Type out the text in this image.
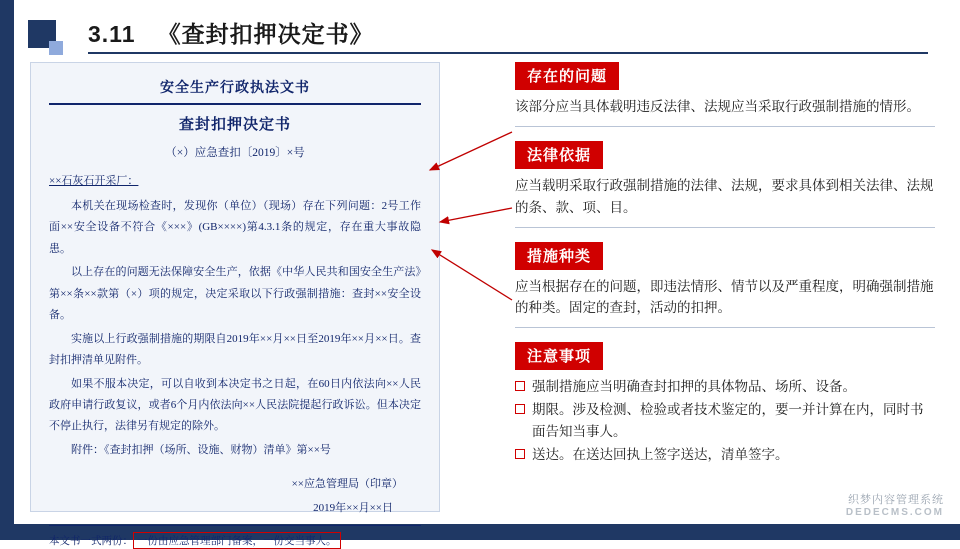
3.11 《查封扣押决定书》
安全生产行政执法文书
查封扣押决定书
（×）应急查扣〔2019〕×号
××石灰石开采厂：

本机关在现场检查时，发现你（单位）（现场）存在下列问题：2号工作面××安全设备不符合《×××》(GB××××)第4.3.1条的规定，存在重大事故隐患。

以上存在的问题无法保障安全生产，依据《中华人民共和国安全生产法》第××条××款第（×）项的规定，决定采取以下行政强制措施：查封××安全设备。

实施以上行政强制措施的期限自2019年××月××日至2019年××月××日。查封扣押清单见附件。

如果不服本决定，可以自收到本决定书之日起，在60日内依法向××人民政府申请行政复议，或者6个月内依法向××人民法院提起行政诉讼。但本决定不停止执行，法律另有规定的除外。

附件：《查封扣押（场所、设施、财物）清单》第××号

××应急管理局（印章）
2019年××月××日
本文书一式两份： 一份由应急管理部门备案，一份交当事人。
存在的问题
该部分应当具体载明违反法律、法规应当采取行政强制措施的情形。
法律依据
应当载明采取行政强制措施的法律、法规，要求具体到相关法律、法规的条、款、项、目。
措施种类
应当根据存在的问题，即违法情形、情节以及严重程度，明确强制措施的种类。固定的查封，活动的扣押。
注意事项
强制措施应当明确查封扣押的具体物品、场所、设备。
期限。涉及检测、检验或者技术鉴定的，要一并计算在内，同时书面告知当事人。
送达。在送达回执上签字送达，清单签字。
织梦内容管理系统
DEDECMS.COM
